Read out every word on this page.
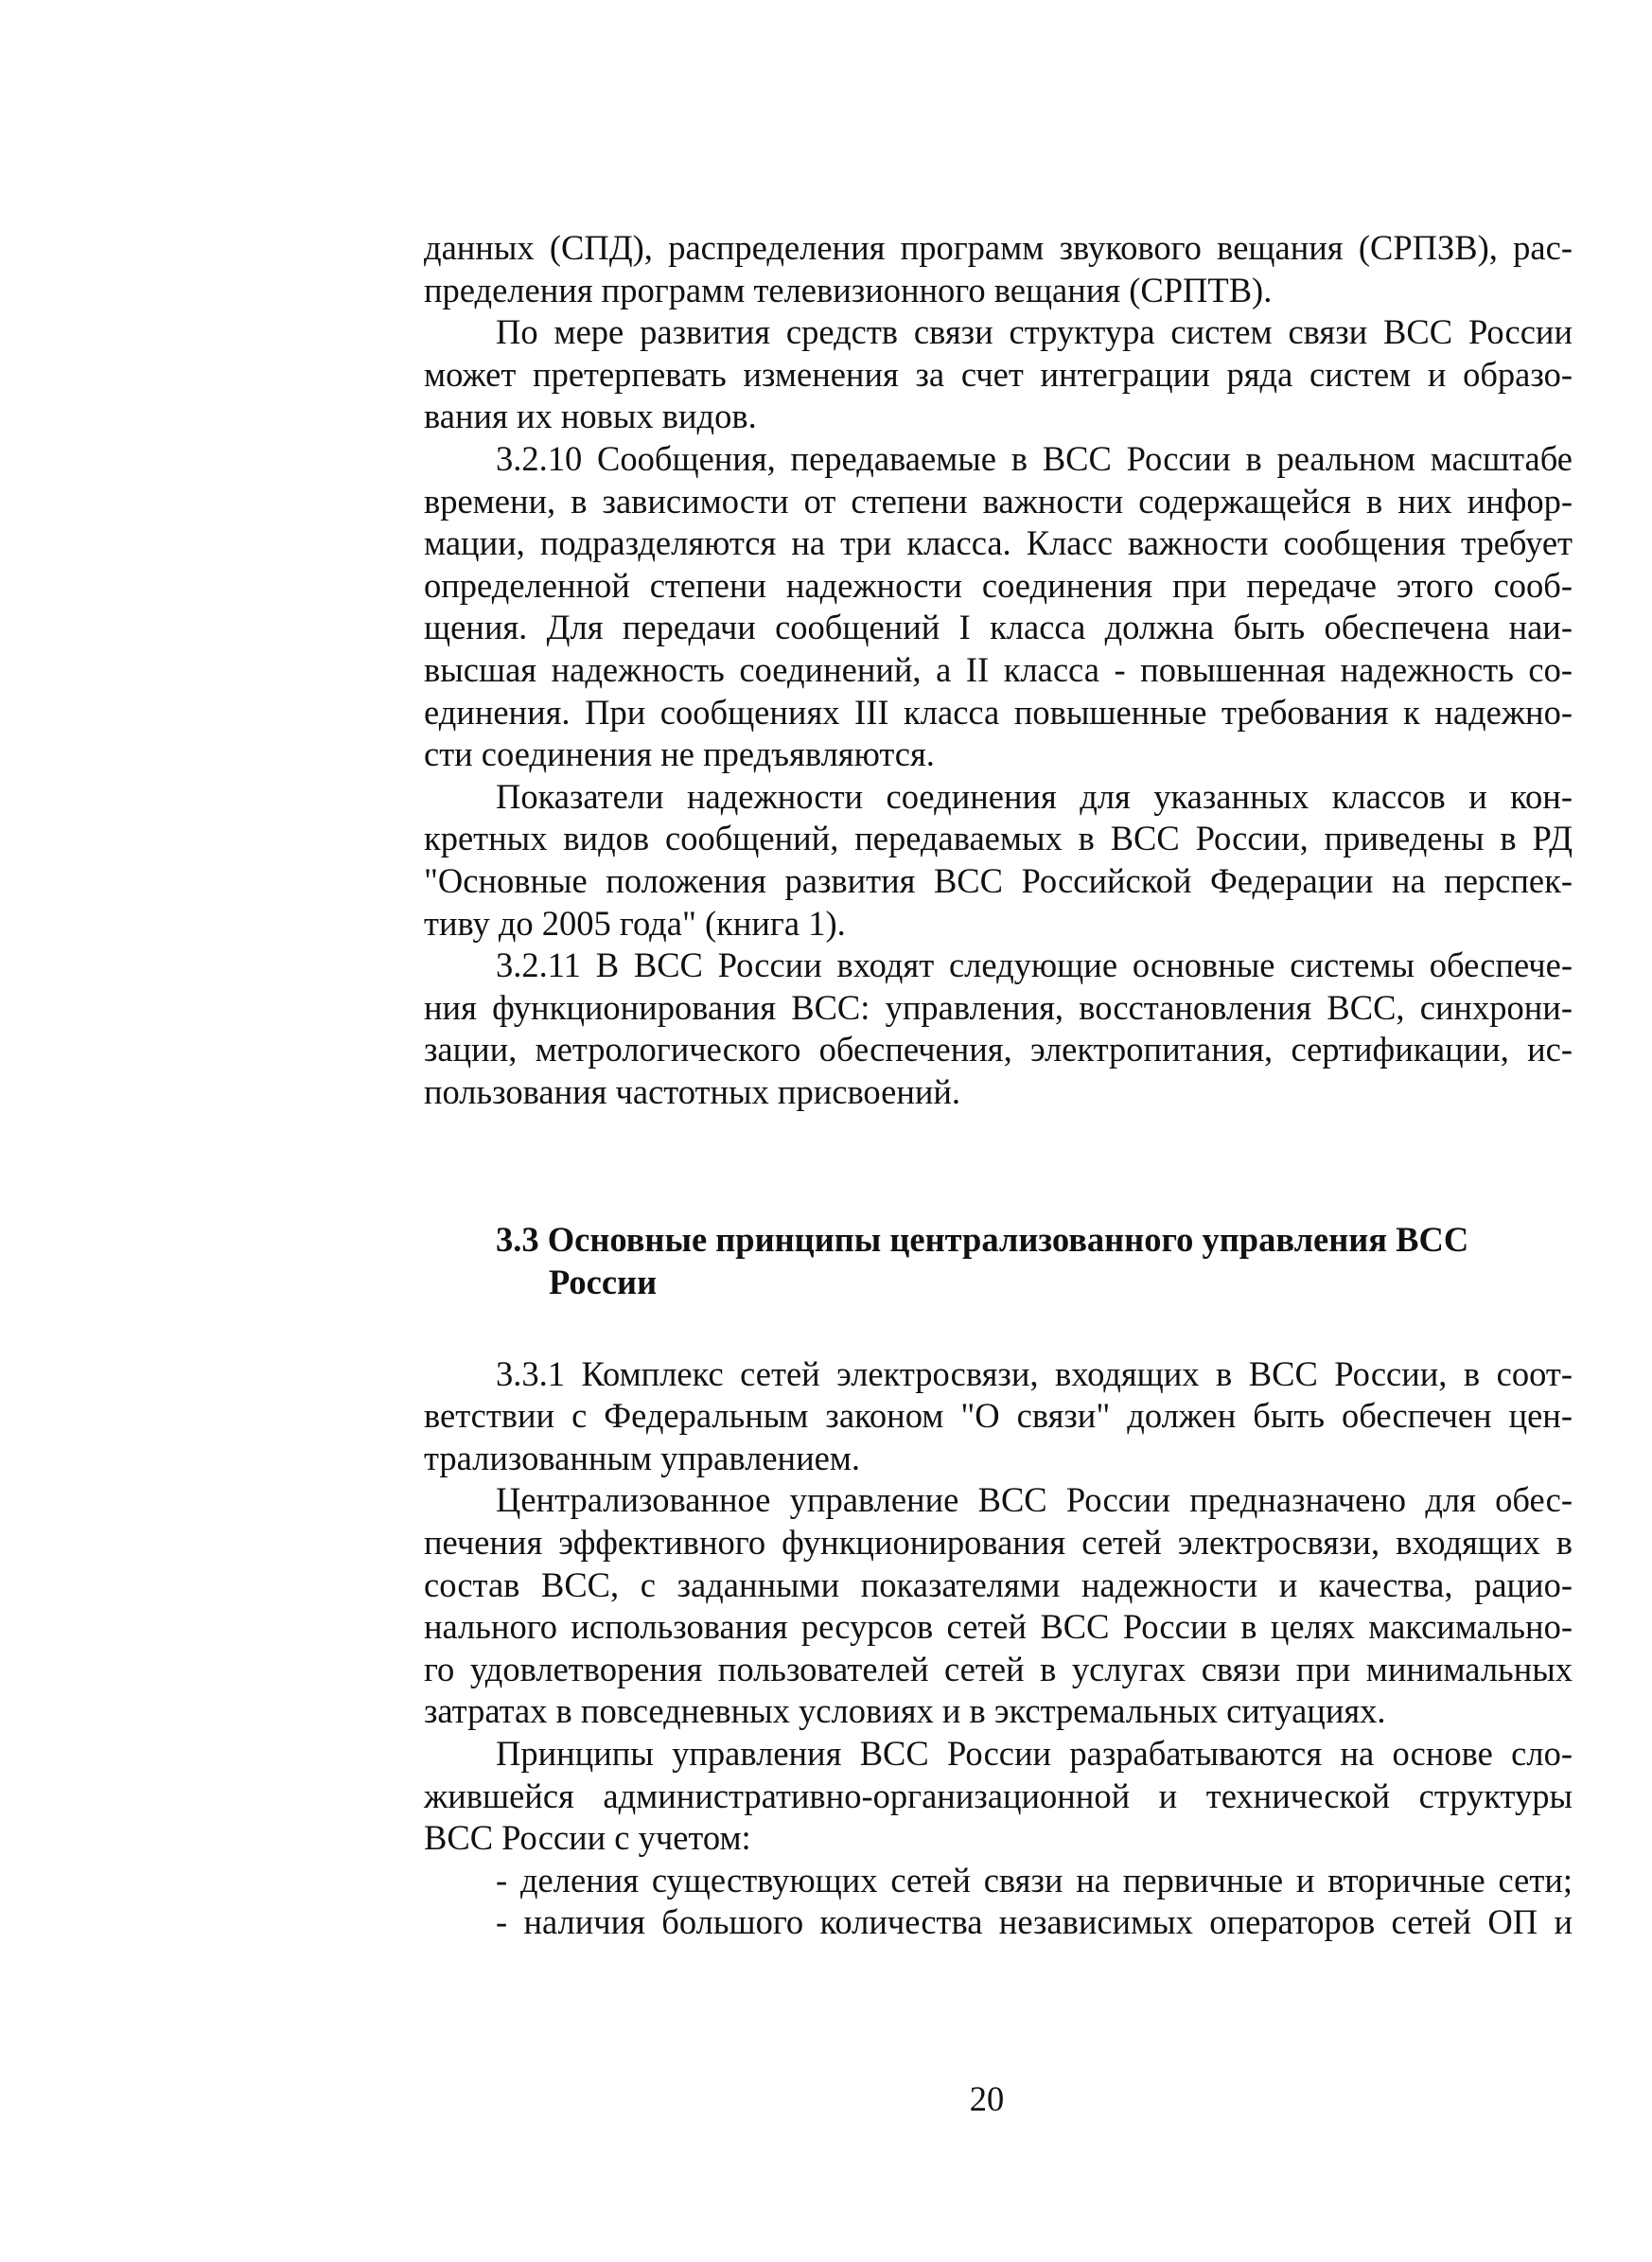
данных (СПД), распределения программ звукового вещания (СРПЗВ), рас-
пределения программ телевизионного вещания (СРПТВ).
По мере развития средств связи структура систем связи ВСС России
может претерпевать изменения за счет интеграции ряда систем и образо-
вания их новых видов.
3.2.10 Сообщения, передаваемые в ВСС России в реальном масштабе
времени, в зависимости от степени важности содержащейся в них инфор-
мации, подразделяются на три класса. Класс важности сообщения требует
определенной степени надежности соединения при передаче этого сооб-
щения. Для передачи сообщений I класса должна быть обеспечена наи-
высшая надежность соединений, а II класса - повышенная надежность со-
единения. При сообщениях III класса повышенные требования к надежно-
сти соединения не предъявляются.
Показатели надежности соединения для указанных классов и кон-
кретных видов сообщений, передаваемых в ВСС России, приведены в РД
"Основные положения развития ВСС Российской Федерации на перспек-
тиву до 2005 года" (книга 1).
3.2.11 В ВСС России входят следующие основные системы обеспече-
ния функционирования ВСС: управления, восстановления ВСС, синхрони-
зации, метрологического обеспечения, электропитания, сертификации, ис-
пользования частотных присвоений.
3.3 Основные принципы централизованного управления ВСС
России
3.3.1 Комплекс сетей электросвязи, входящих в ВСС России, в соот-
ветствии с Федеральным законом "О связи" должен быть обеспечен цен-
трализованным управлением.
Централизованное управление ВСС России предназначено для обес-
печения эффективного функционирования сетей электросвязи, входящих в
состав ВСС, с заданными показателями надежности и качества, рацио-
нального использования ресурсов сетей ВСС России в целях максимально-
го удовлетворения пользователей сетей в услугах связи при минимальных
затратах в повседневных условиях и в экстремальных ситуациях.
Принципы управления ВСС России разрабатываются на основе сло-
жившейся административно-организационной и технической структуры
ВСС России с учетом:
- деления существующих сетей связи на первичные и вторичные сети;
- наличия большого количества независимых операторов сетей ОП и
20
